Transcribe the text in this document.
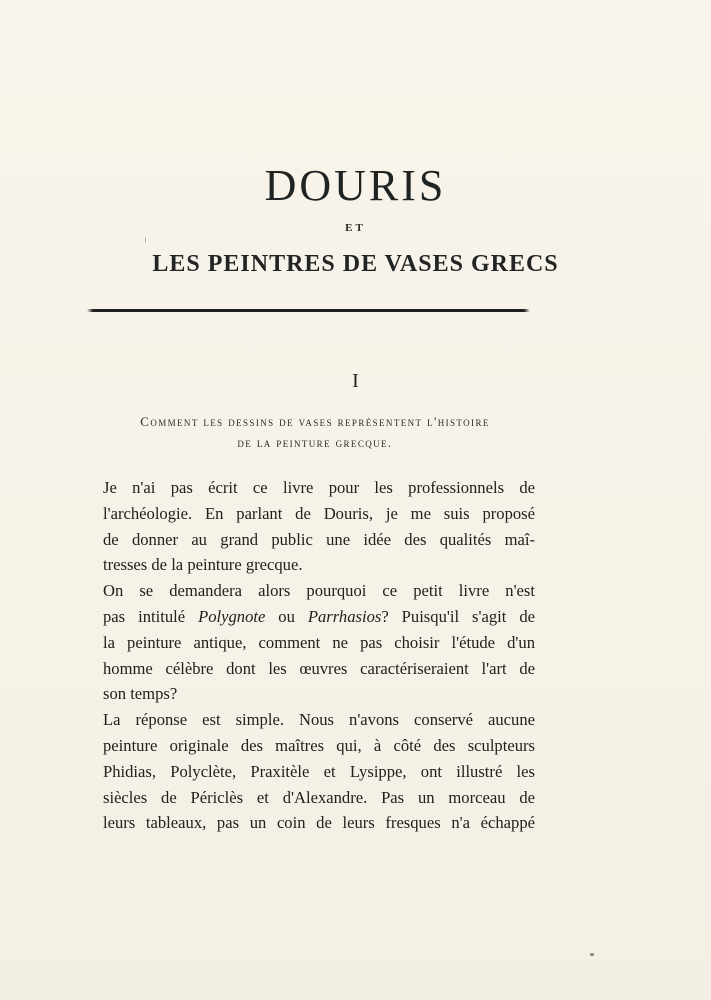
DOURIS
ET
LES PEINTRES DE VASES GRECS
I
Comment les dessins de vases représentent l'histoire
de la peinture grecque.
Je n'ai pas écrit ce livre pour les professionnels de
l'archéologie. En parlant de Douris, je me suis proposé
de donner au grand public une idée des qualités maî-
tresses de la peinture grecque.
On se demandera alors pourquoi ce petit livre n'est
pas intitulé Polygnote ou Parrhasios? Puisqu'il s'agit de
la peinture antique, comment ne pas choisir l'étude d'un
homme célèbre dont les œuvres caractériseraient l'art de
son temps?
La réponse est simple. Nous n'avons conservé aucune
peinture originale des maîtres qui, à côté des sculpteurs
Phidias, Polyclète, Praxitèle et Lysippe, ont illustré les
siècles de Périclès et d'Alexandre. Pas un morceau de
leurs tableaux, pas un coin de leurs fresques n'a échappé
